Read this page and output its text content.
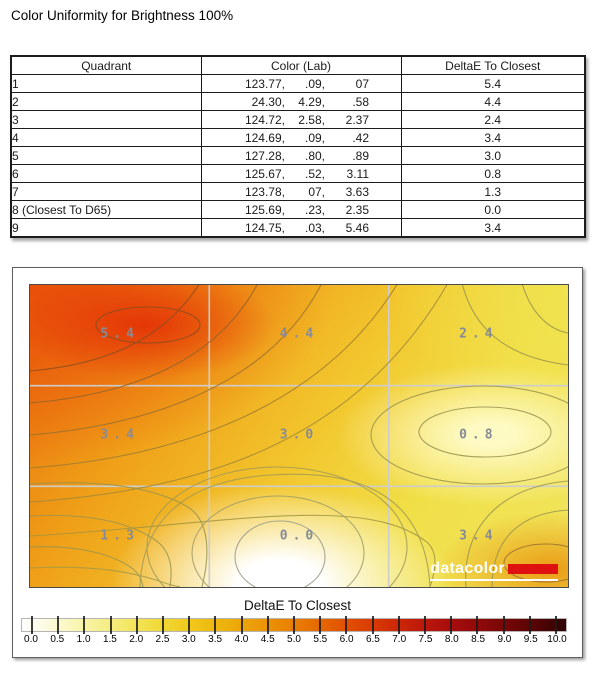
Color Uniformity for Brightness 100%
Quadrant	Color (Lab)	DeltaE To Closest
1	123.77, .09, 07	5.4
2	24.30, 4.29, .58	4.4
3	124.72, 2.58, 2.37	2.4
4	124.69, .09, .42	3.4
5	127.28, .80, .89	3.0
6	125.67, .52, 3.11	0.8
7	123.78, 07, 3.63	1.3
8 (Closest To D65)	125.69, .23, 2.35	0.0
9	124.75, .03, 5.46	3.4
5.4	4.4	2.4
3.4	3.0	0.8
1.3	0.0	3.4
datacolor
DeltaE To Closest
0.0 0.5 1.0 1.5 2.0 2.5 3.0 3.5 4.0 4.5 5.0 5.5 6.0 6.5 7.0 7.5 8.0 8.5 9.0 9.5 10.0
